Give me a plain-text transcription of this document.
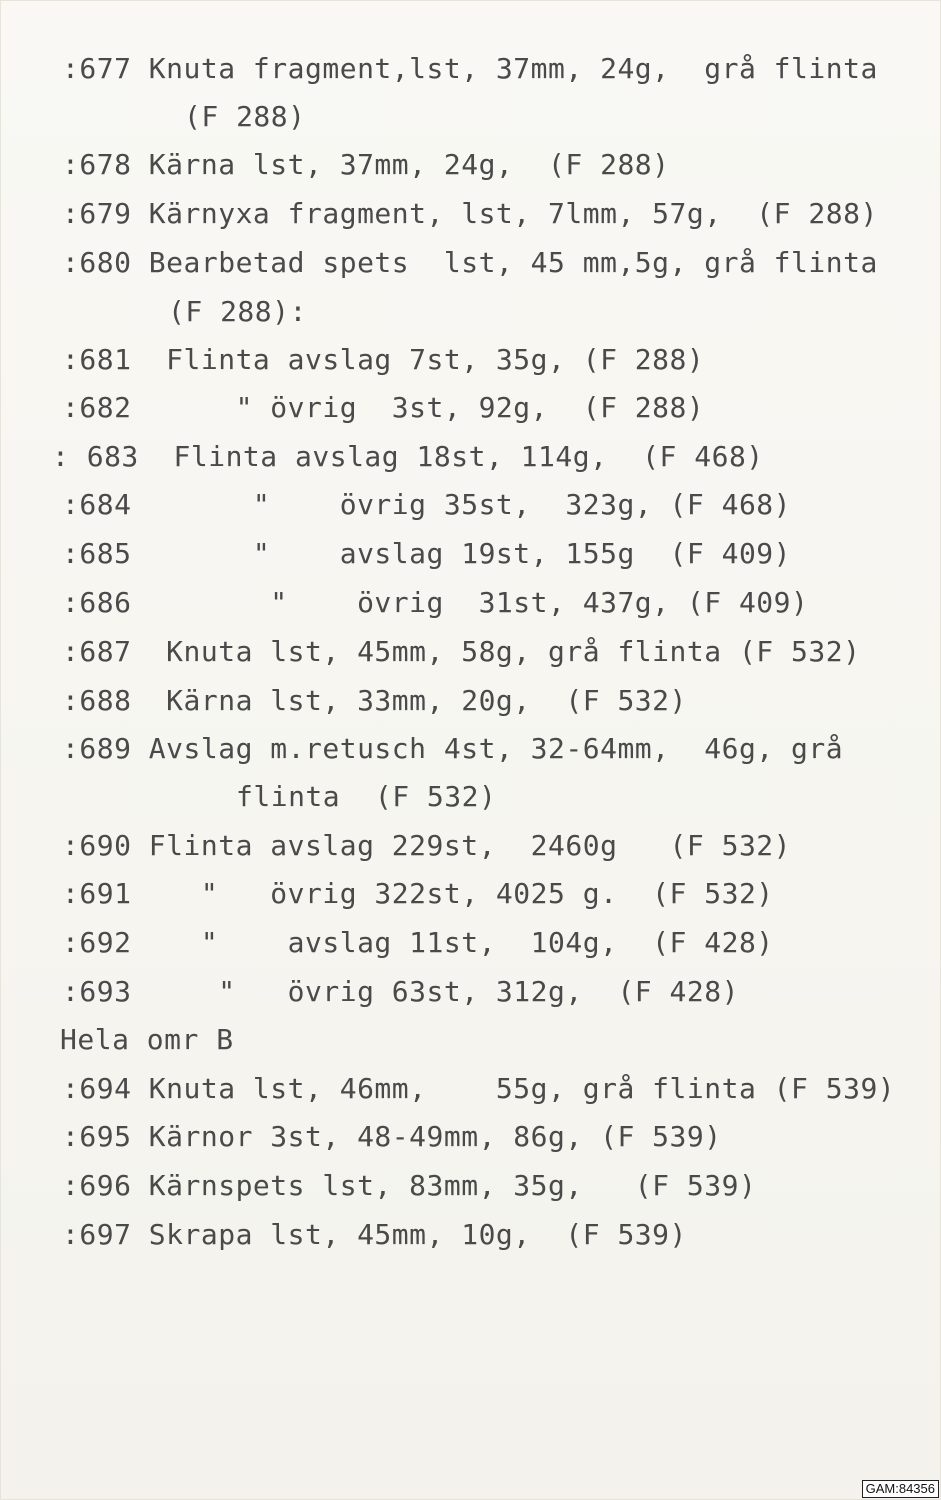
:677 Knuta fragment,lst, 37mm, 24g,  grå flinta
(F 288)
:678 Kärna lst, 37mm, 24g,  (F 288)
:679 Kärnyxa fragment, lst, 7lmm, 57g,  (F 288)
:680 Bearbetad spets  lst, 45 mm,5g, grå flinta
(F 288):
:681  Flinta avslag 7st, 35g, (F 288)
:682      " övrig  3st, 92g,  (F 288)
: 683  Flinta avslag 18st, 114g,  (F 468)
:684       "    övrig 35st,  323g, (F 468)
:685       "    avslag 19st, 155g  (F 409)
:686        "    övrig  31st, 437g, (F 409)
:687  Knuta lst, 45mm, 58g, grå flinta (F 532)
:688  Kärna lst, 33mm, 20g,  (F 532)
:689 Avslag m.retusch 4st, 32-64mm,  46g, grå
flinta  (F 532)
:690 Flinta avslag 229st,  2460g   (F 532)
:691    "   övrig 322st, 4025 g.  (F 532)
:692    "    avslag 11st,  104g,  (F 428)
:693     "   övrig 63st, 312g,  (F 428)
Hela omr B
:694 Knuta lst, 46mm,    55g, grå flinta (F 539)
:695 Kärnor 3st, 48-49mm, 86g, (F 539)
:696 Kärnspets lst, 83mm, 35g,   (F 539)
:697 Skrapa lst, 45mm, 10g,  (F 539)
GAM:84356
